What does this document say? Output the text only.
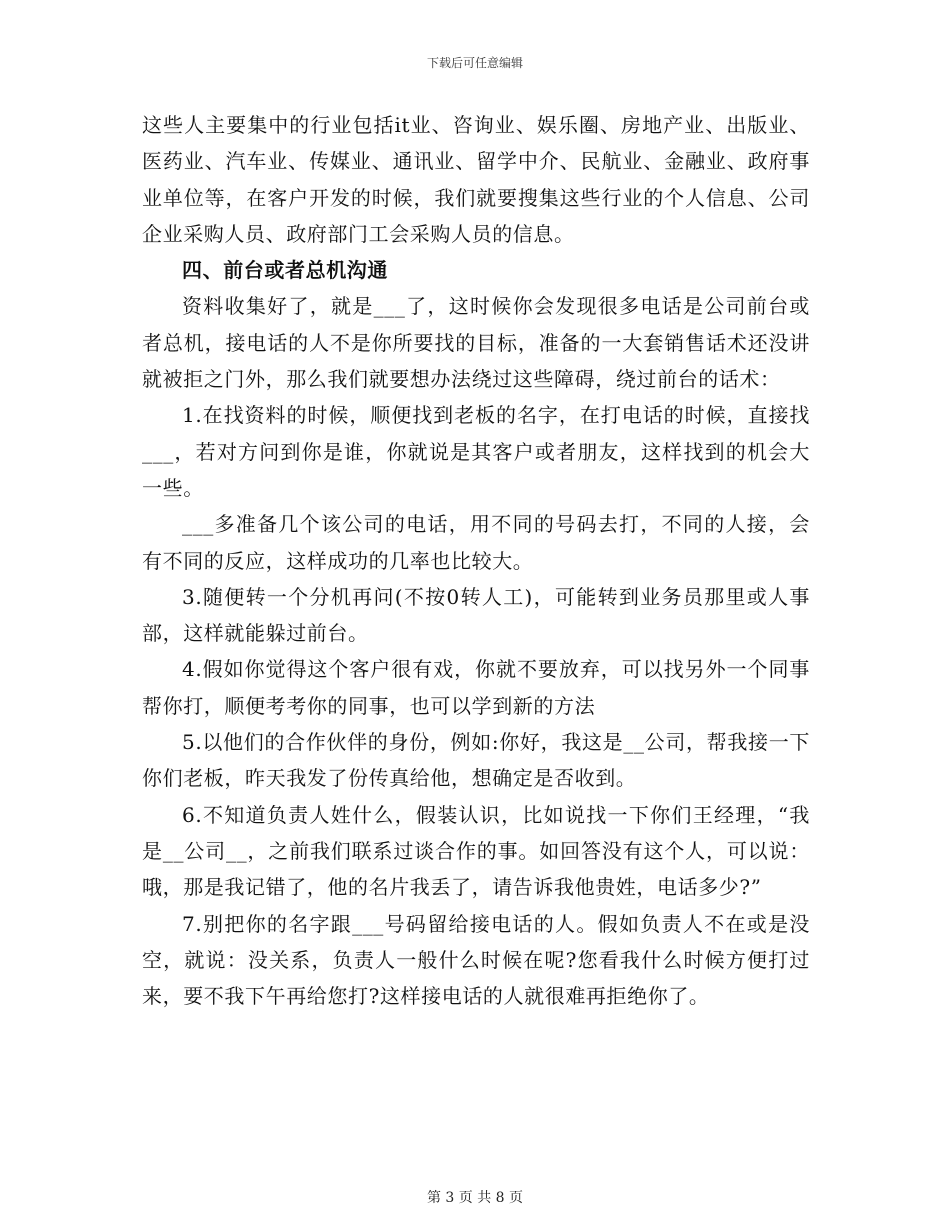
下载后可任意编辑

这些人主要集中的行业包括it业、咨询业、娱乐圈、房地产业、出版业、医药业、汽车业、传媒业、通讯业、留学中介、民航业、金融业、政府事业单位等，在客户开发的时候，我们就要搜集这些行业的个人信息、公司企业采购人员、政府部门工会采购人员的信息。

四、前台或者总机沟通

资料收集好了，就是___了，这时候你会发现很多电话是公司前台或者总机，接电话的人不是你所要找的目标，准备的一大套销售话术还没讲就被拒之门外，那么我们就要想办法绕过这些障碍，绕过前台的话术：

1.在找资料的时候，顺便找到老板的名字，在打电话的时候，直接找___，若对方问到你是谁，你就说是其客户或者朋友，这样找到的机会大一些。

___多准备几个该公司的电话，用不同的号码去打，不同的人接，会有不同的反应，这样成功的几率也比较大。

3.随便转一个分机再问(不按0转人工)，可能转到业务员那里或人事部，这样就能躲过前台。

4.假如你觉得这个客户很有戏，你就不要放弃，可以找另外一个同事帮你打，顺便考考你的同事，也可以学到新的方法

5.以他们的合作伙伴的身份，例如:你好，我这是__公司，帮我接一下你们老板，昨天我发了份传真给他，想确定是否收到。

6.不知道负责人姓什么，假装认识，比如说找一下你们王经理，“我是__公司__，之前我们联系过谈合作的事。如回答没有这个人，可以说：哦，那是我记错了，他的名片我丢了，请告诉我他贵姓，电话多少?”

7.别把你的名字跟___号码留给接电话的人。假如负责人不在或是没空，就说：没关系，负责人一般什么时候在呢?您看我什么时候方便打过来，要不我下午再给您打?这样接电话的人就很难再拒绝你了。

第 3 页 共 8 页
